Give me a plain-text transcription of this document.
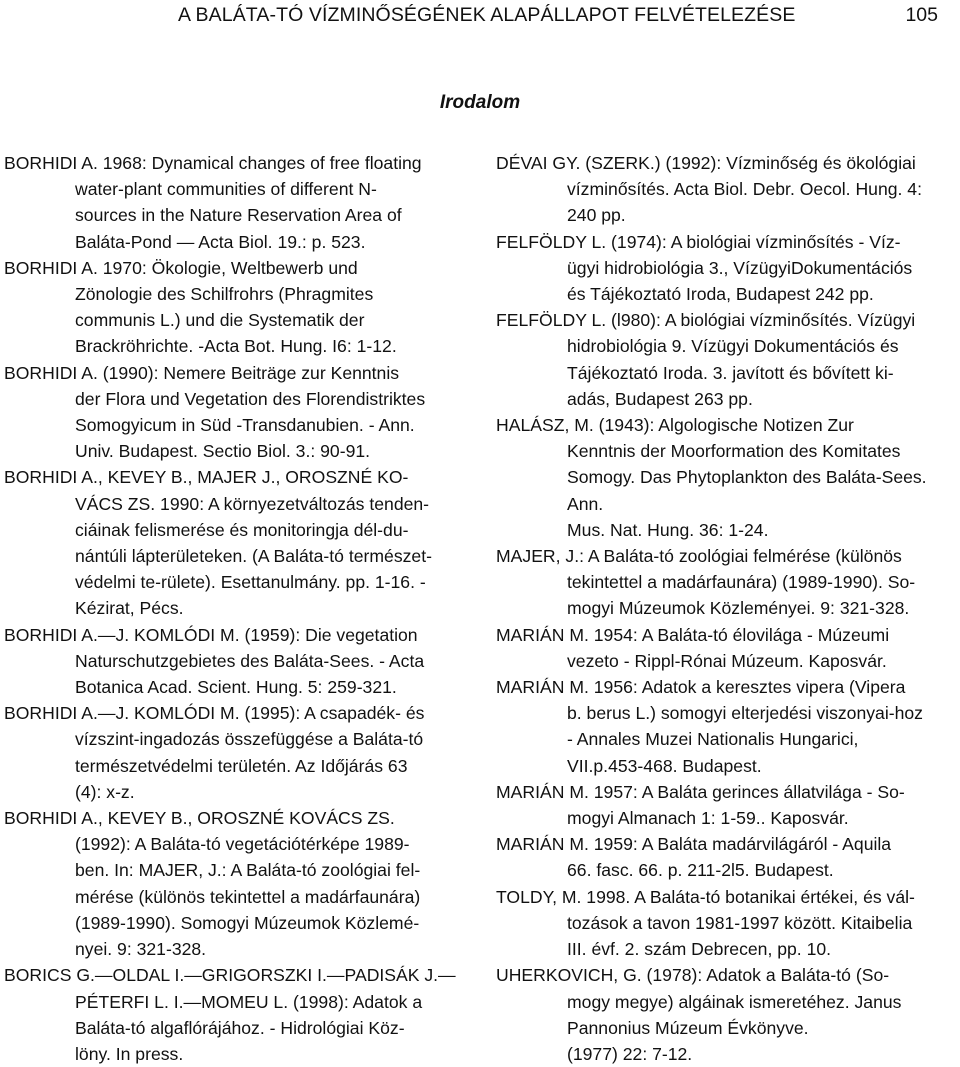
A BALÁTA-TÓ VÍZMINŐSÉGÉNEK ALAPÁLLAPOT FELVÉTELEZÉSE	105
Irodalom

BORHIDI A. 1968: Dynamical changes of free floating
water-plant communities of different N-
sources in the Nature Reservation Area of
Baláta-Pond — Acta Biol. 19.: p. 523.

BORHIDI A. 1970: Ökologie, Weltbewerb und
Zönologie des Schilfrohrs (Phragmites
communis L.) und die Systematik der
Brackröhrichte. -Acta Bot. Hung. I6: 1-12.

BORHIDI A. (1990): Nemere Beiträge zur Kenntnis
der Flora und Vegetation des Florendistriktes
Somogyicum in Süd -Transdanubien. - Ann.
Univ. Budapest. Sectio Biol. 3.: 90-91.

BORHIDI A., KEVEY B., MAJER J., OROSZNÉ KO-
VÁCS ZS. 1990: A környezetváltozás tenden-
ciáinak felismerése és monitoringja dél-du-
nántúli lápterületeken. (A Baláta-tó természet-
védelmi te-rülete). Esettanulmány. pp. 1-16. -
Kézirat, Pécs.

BORHIDI A.—J. KOMLÓDI M. (1959): Die vegetation
Naturschutzgebietes des Baláta-Sees. - Acta
Botanica Acad. Scient. Hung. 5: 259-321.

BORHIDI A.—J. KOMLÓDI M. (1995): A csapadék- és
vízszint-ingadozás összefüggése a Baláta-tó
természetvédelmi területén. Az Időjárás 63
(4): x-z.

BORHIDI A., KEVEY B., OROSZNÉ KOVÁCS ZS.
(1992): A Baláta-tó vegetációtérképe 1989-
ben. In: MAJER, J.: A Baláta-tó zoológiai fel-
mérése (különös tekintettel a madárfaunára)
(1989-1990). Somogyi Múzeumok Közlemé-
nyei. 9: 321-328.

BORICS G.—OLDAL I.—GRIGORSZKI I.—PADISÁK J.—
PÉTERFI L. I.—MOMEU L. (1998): Adatok a
Baláta-tó algaflórájához. - Hidrológiai Köz-
löny. In press.

DÉVAI GY. (SZERK.) (1992): Vízminőség és ökológiai
vízminősítés. Acta Biol. Debr. Oecol. Hung. 4:
240 pp.

FELFÖLDY L. (1974): A biológiai vízminősítés - Víz-
ügyi hidrobiológia 3., VízügyiDokumentációs
és Tájékoztató Iroda, Budapest 242 pp.

FELFÖLDY L. (l980): A biológiai vízminősítés. Vízügyi
hidrobiológia 9. Vízügyi Dokumentációs és
Tájékoztató Iroda. 3. javított és bővített ki-
adás, Budapest 263 pp.

HALÁSZ, M. (1943): Algologische Notizen Zur
Kenntnis der Moorformation des Komitates
Somogy. Das Phytoplankton des Baláta-Sees. Ann.
Mus. Nat. Hung. 36: 1-24.

MAJER, J.: A Baláta-tó zoológiai felmérése (különös
tekintettel a madárfaunára) (1989-1990). So-
mogyi Múzeumok Közleményei. 9: 321-328.

MARIÁN M. 1954: A Baláta-tó élovilága - Múzeumi
vezeto - Rippl-Rónai Múzeum. Kaposvár.

MARIÁN M. 1956: Adatok a keresztes vipera (Vipera
b. berus L.) somogyi elterjedési viszonyai-hoz
- Annales Muzei Nationalis Hungarici,
VII.p.453-468. Budapest.

MARIÁN M. 1957: A Baláta gerinces állatvilága - So-
mogyi Almanach 1: 1-59.. Kaposvár.

MARIÁN M. 1959: A Baláta madárvilágáról - Aquila
66. fasc. 66. p. 211-2l5. Budapest.

TOLDY, M. 1998. A Baláta-tó botanikai értékei, és vál-
tozások a tavon 1981-1997 között. Kitaibelia
III. évf. 2. szám Debrecen, pp. 10.

UHERKOVICH, G. (1978): Adatok a Baláta-tó (So-
mogy megye) algáinak ismeretéhez. Janus
Pannonius Múzeum Évkönyve.
(1977) 22: 7-12.
